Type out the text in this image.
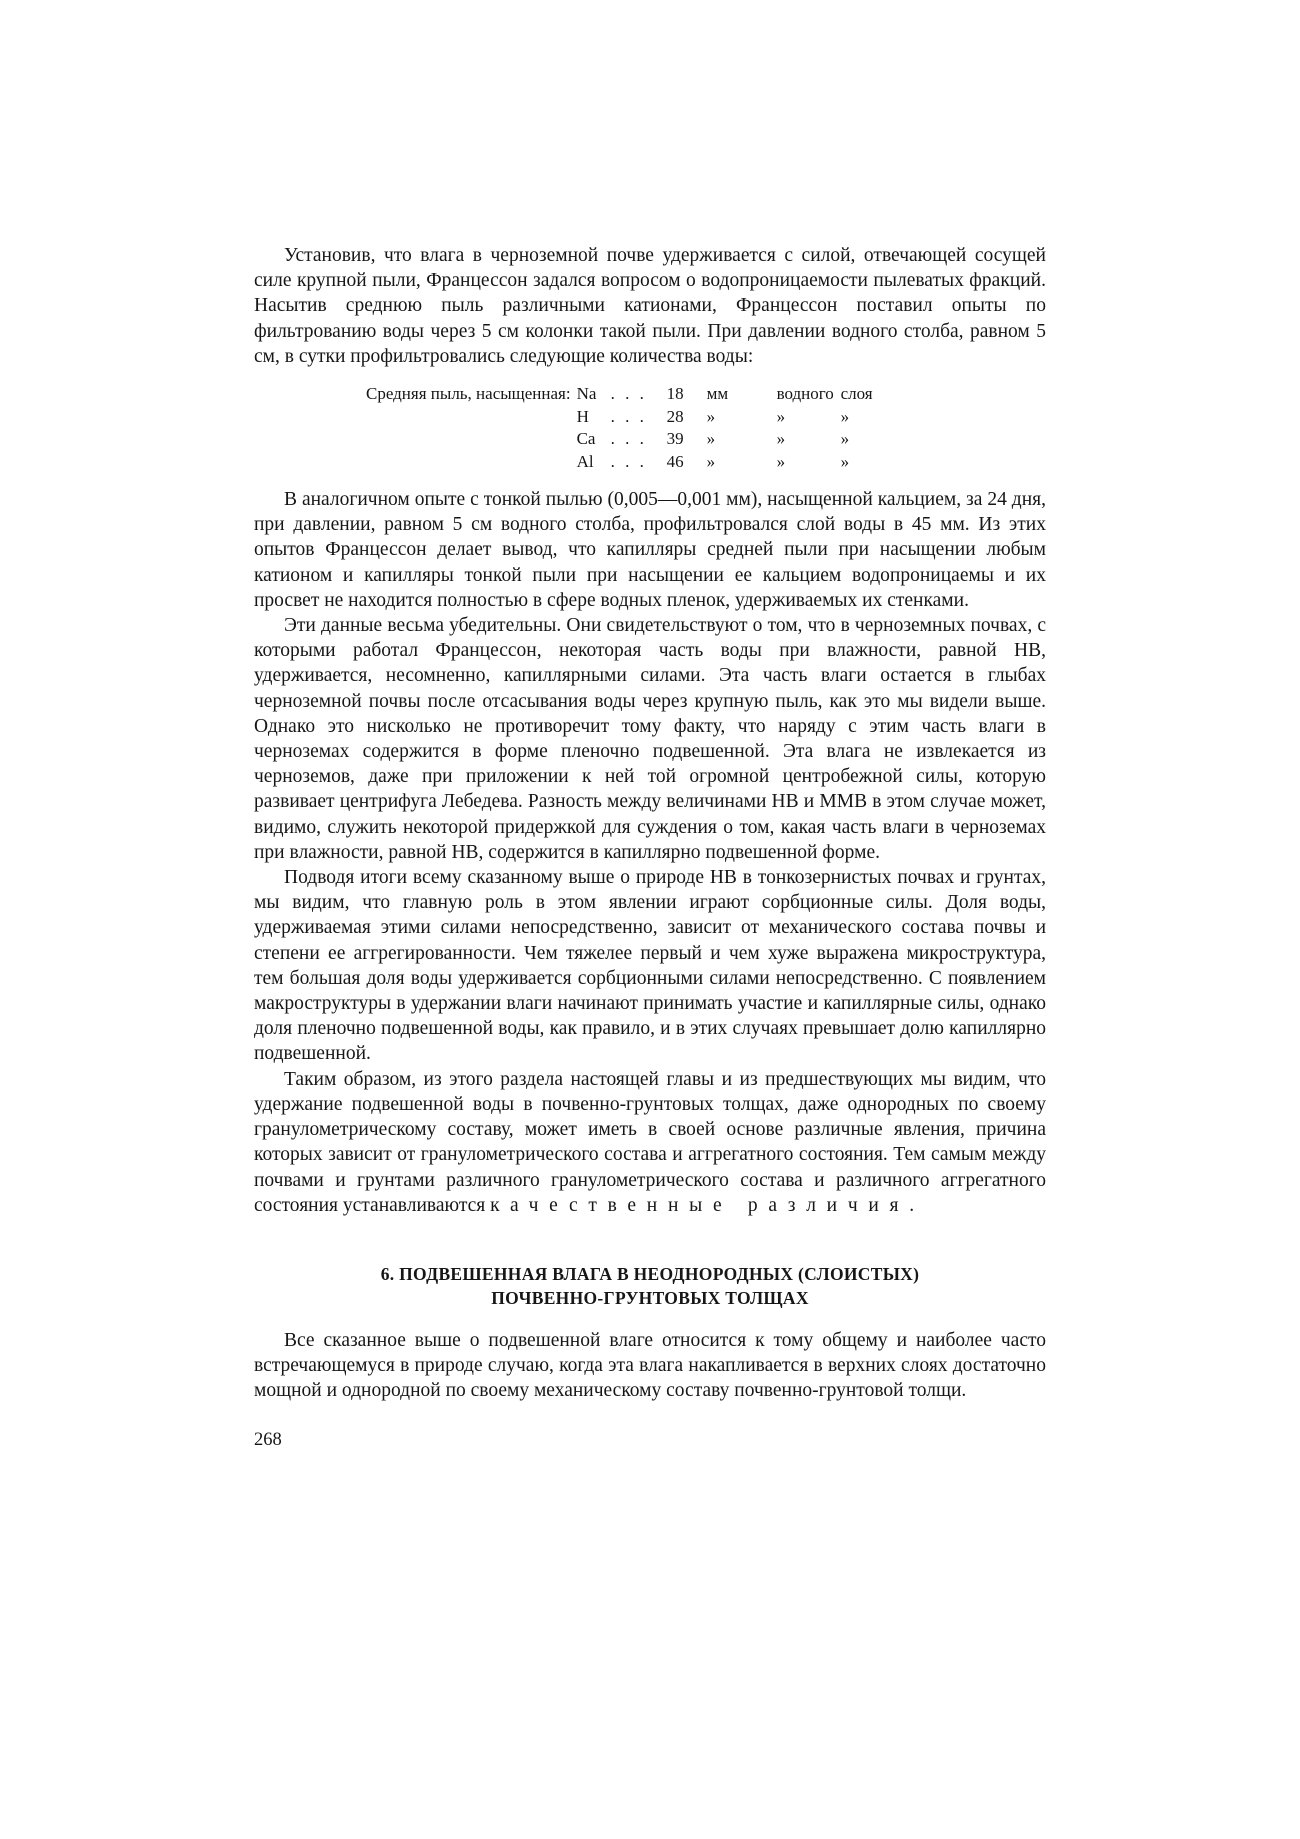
Установив, что влага в черноземной почве удерживается с силой, отвечающей сосущей силе крупной пыли, Францессон задался вопросом о водопроницаемости пылеватых фракций. Насытив среднюю пыль различными катионами, Францессон поставил опыты по фильтрованию воды через 5 см колонки такой пыли. При давлении водного столба, равном 5 см, в сутки профильтровались следующие количества воды:

Средняя пыль, насыщенная:	Na	. . .	18	мм	водного	слоя
	H	. . .	28	»	»	»
	Ca	. . .	39	»	»	»
	Al	. . .	46	»	»	»

В аналогичном опыте с тонкой пылью (0,005—0,001 мм), насыщенной кальцием, за 24 дня, при давлении, равном 5 см водного столба, профильтровался слой воды в 45 мм. Из этих опытов Францессон делает вывод, что капилляры средней пыли при насыщении любым катионом и капилляры тонкой пыли при насыщении ее кальцием водопроницаемы и их просвет не находится полностью в сфере водных пленок, удерживаемых их стенками.

Эти данные весьма убедительны. Они свидетельствуют о том, что в черноземных почвах, с которыми работал Францессон, некоторая часть воды при влажности, равной НВ, удерживается, несомненно, капиллярными силами. Эта часть влаги остается в глыбах черноземной почвы после отсасывания воды через крупную пыль, как это мы видели выше. Однако это нисколько не противоречит тому факту, что наряду с этим часть влаги в черноземах содержится в форме пленочно подвешенной. Эта влага не извлекается из черноземов, даже при приложении к ней той огромной центробежной силы, которую развивает центрифуга Лебедева. Разность между величинами НВ и ММВ в этом случае может, видимо, служить некоторой придержкой для суждения о том, какая часть влаги в черноземах при влажности, равной НВ, содержится в капиллярно подвешенной форме.

Подводя итоги всему сказанному выше о природе НВ в тонкозернистых почвах и грунтах, мы видим, что главную роль в этом явлении играют сорбционные силы. Доля воды, удерживаемая этими силами непосредственно, зависит от механического состава почвы и степени ее аггрегированности. Чем тяжелее первый и чем хуже выражена микроструктура, тем большая доля воды удерживается сорбционными силами непосредственно. С появлением макроструктуры в удержании влаги начинают принимать участие и капиллярные силы, однако доля пленочно подвешенной воды, как правило, и в этих случаях превышает долю капиллярно подвешенной.

Таким образом, из этого раздела настоящей главы и из предшествующих мы видим, что удержание подвешенной воды в почвенно-грунтовых толщах, даже однородных по своему гранулометрическому составу, может иметь в своей основе различные явления, причина которых зависит от гранулометрического состава и аггрегатного состояния. Тем самым между почвами и грунтами различного гранулометрического состава и различного аггрегатного состояния устанавливаются качественные различия.

6. ПОДВЕШЕННАЯ ВЛАГА В НЕОДНОРОДНЫХ (СЛОИСТЫХ)
ПОЧВЕННО-ГРУНТОВЫХ ТОЛЩАХ

Все сказанное выше о подвешенной влаге относится к тому общему и наиболее часто встречающемуся в природе случаю, когда эта влага накапливается в верхних слоях достаточно мощной и однородной по своему механическому составу почвенно-грунтовой толщи.

268
